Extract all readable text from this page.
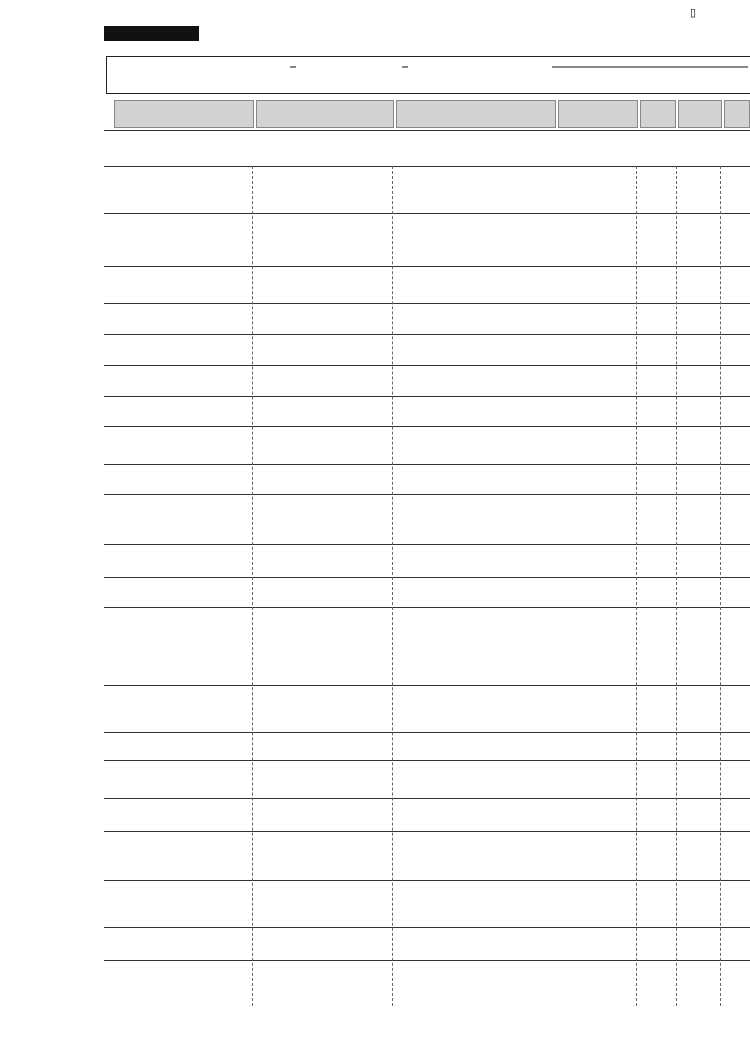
▯
